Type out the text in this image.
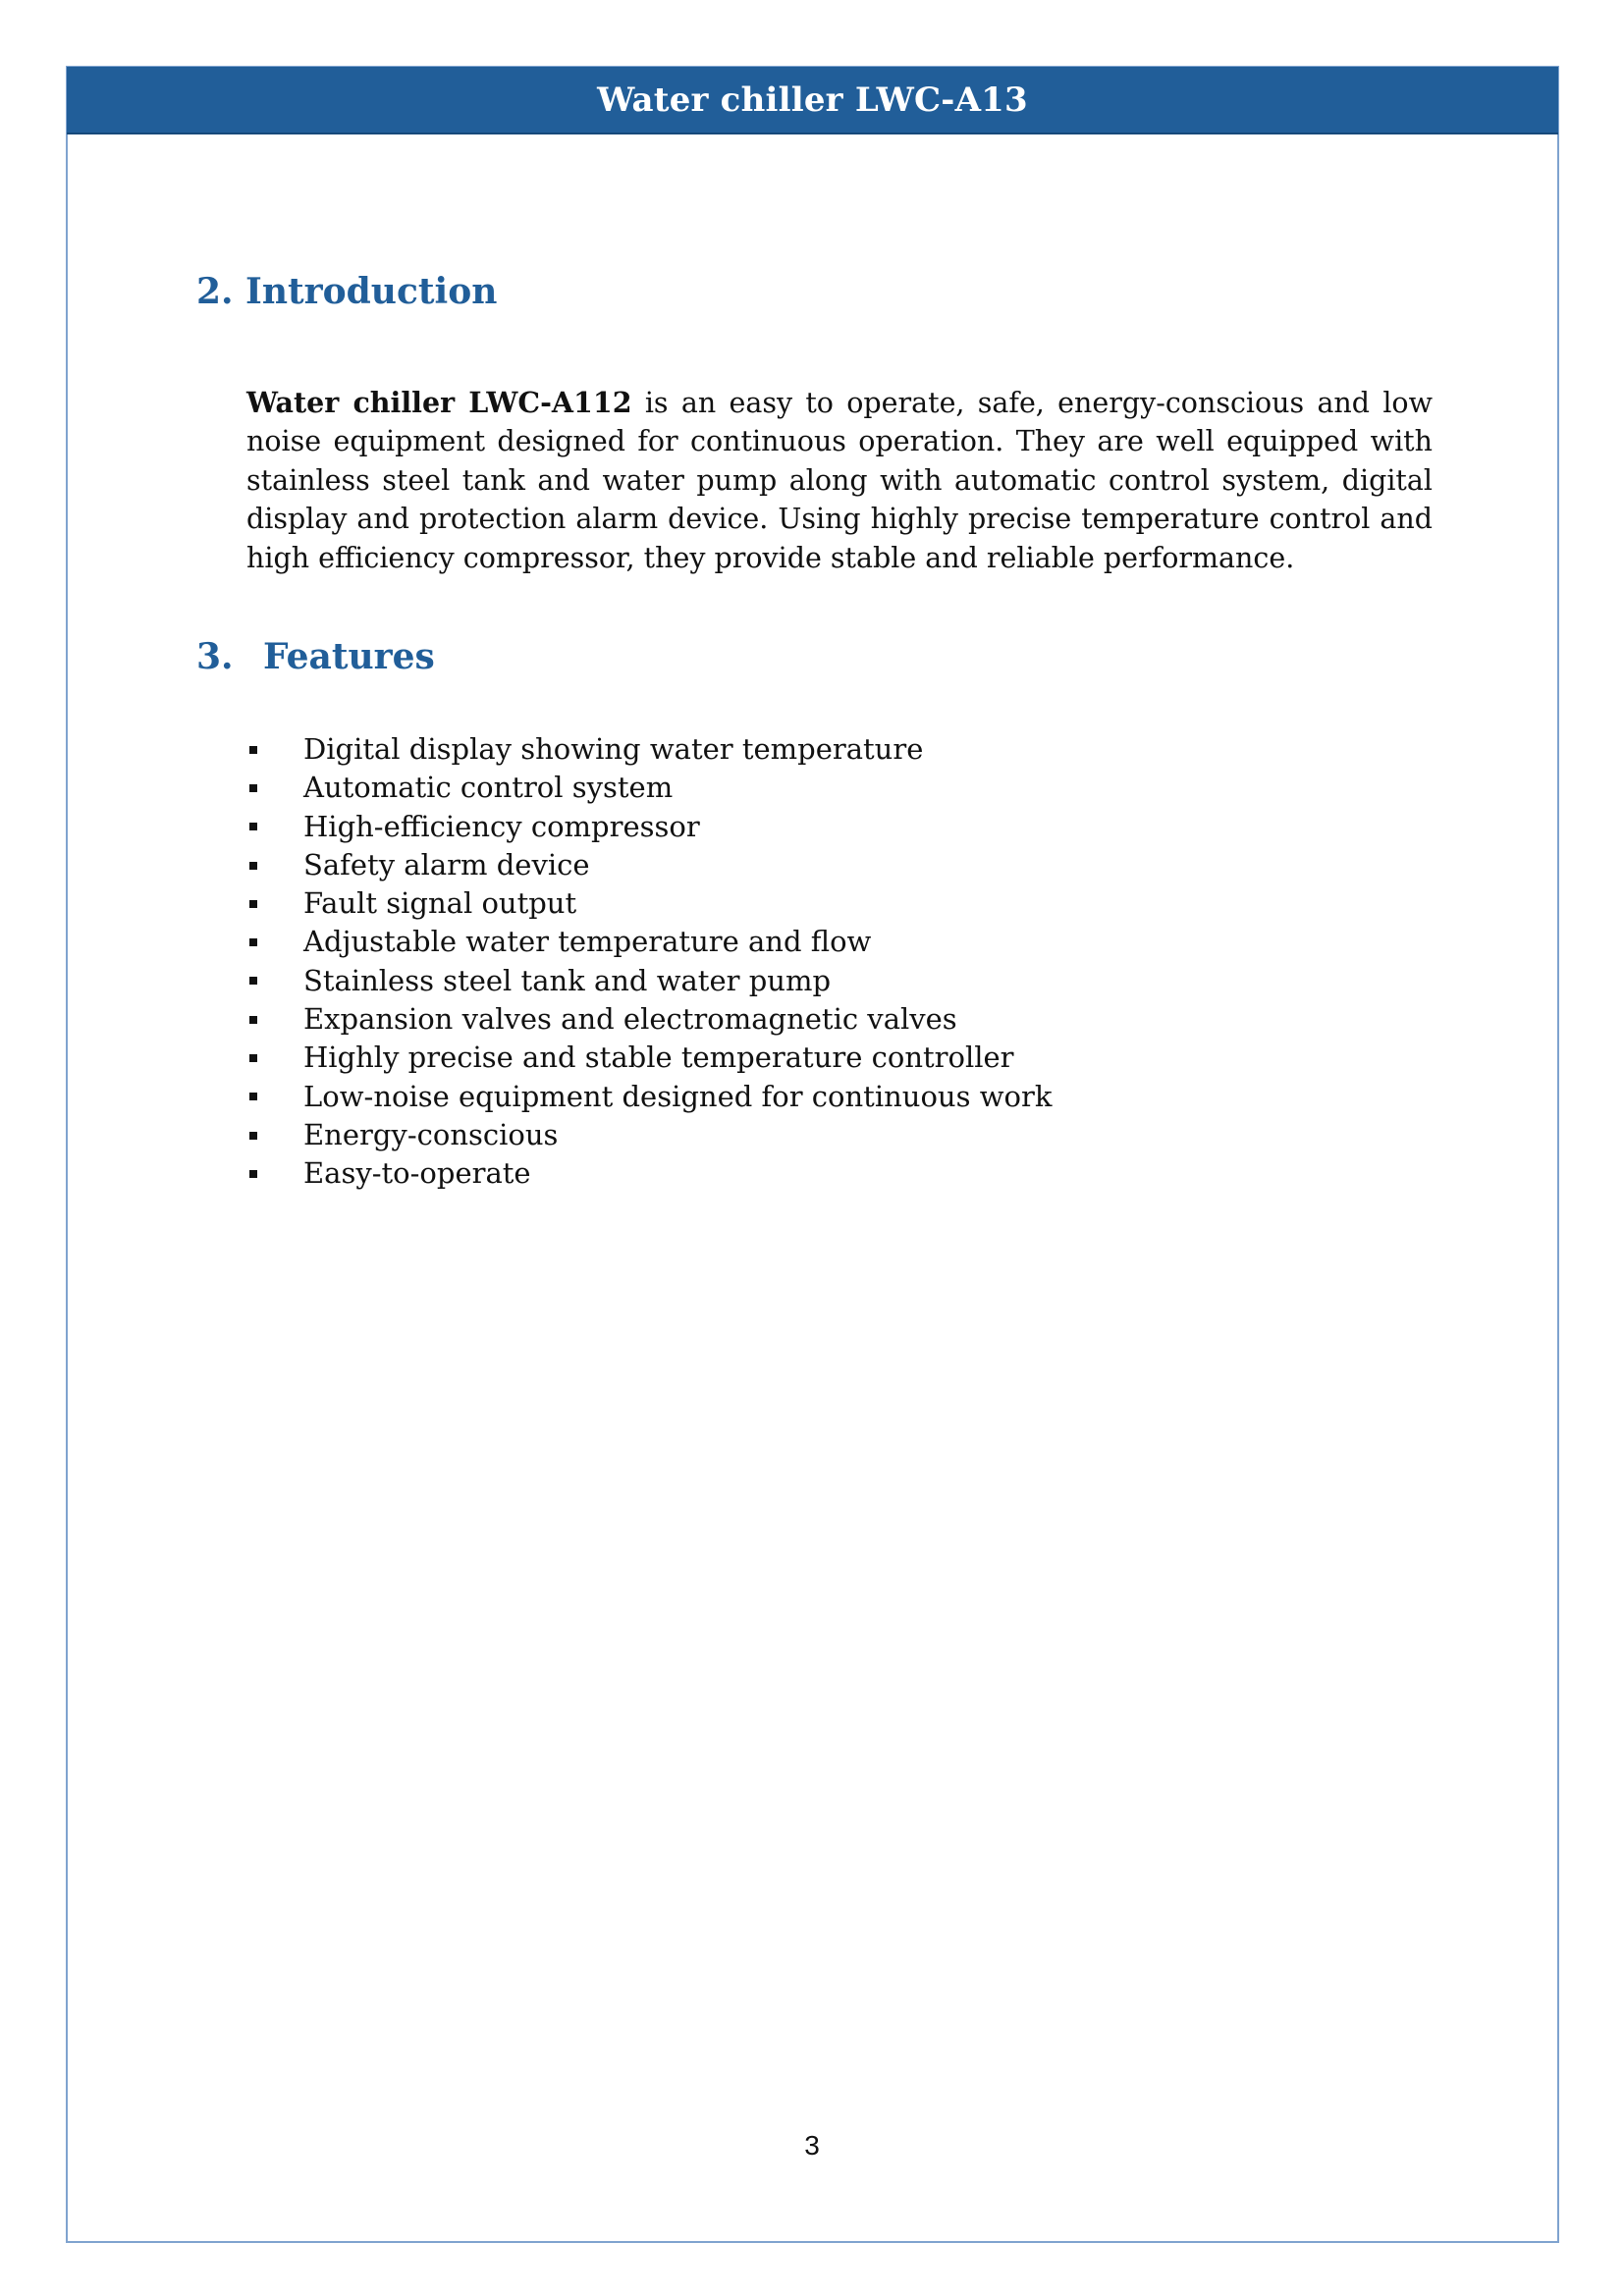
Water chiller LWC-A13
2. Introduction

Water chiller LWC-A112 is an easy to operate, safe, energy-conscious and low noise equipment designed for continuous operation. They are well equipped with stainless steel tank and water pump along with automatic control system, digital display and protection alarm device. Using highly precise temperature control and high efficiency compressor, they provide stable and reliable performance.

3. Features
Digital display showing water temperature
Automatic control system
High-efficiency compressor
Safety alarm device
Fault signal output
Adjustable water temperature and flow
Stainless steel tank and water pump
Expansion valves and electromagnetic valves
Highly precise and stable temperature controller
Low-noise equipment designed for continuous work
Energy-conscious
Easy-to-operate
3
